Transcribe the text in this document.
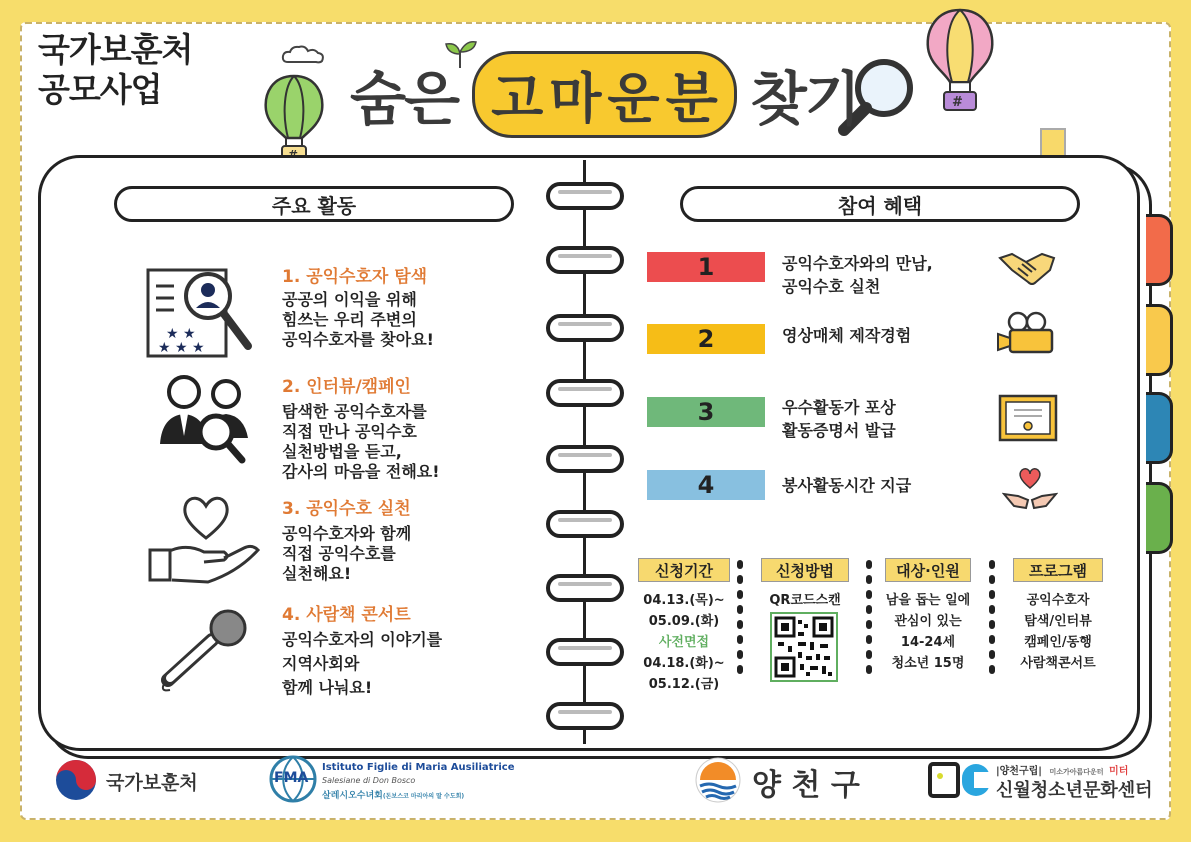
국가보훈처
공모사업	#
숨은 고 마 운 분 찾기
주요 활동
★ ★
★ ★ ★
1. 공익수호자 탐색
공공의 이익을 위해
힘쓰는 우리 주변의
공익수호자를 찾아요!
2. 인터뷰/캠페인
탐색한 공익수호자를
직접 만나 공익수호
실천방법을 듣고,
감사의 마음을 전해요!
3. 공익수호 실천
공익수호자와 함께
직접 공익수호를
실천해요!
4. 사람책 콘서트
공익수호자의 이야기를
지역사회와
함께 나눠요!
참여 혜택
1	공익수호자와의 만남,
공익수호 실천
2	영상매체 제작경험
3	우수활동가 포상
활동증명서 발급
4	봉사활동시간 지급
신청기간
04.13.(목)~
05.09.(화)
사전면접
04.18.(화)~
05.12.(금)
신청방법
QR코드스캔
대상·인원
남을 돕는 일에
관심이 있는
14-24세
청소년 15명
프로그램
공익수호자
탐색/인터뷰
캠페인/동행
사람책콘서트
국가보훈처	FMA
Istituto Figlie di Maria Ausiliatrice
Salesiane di Don Bosco
살레시오수녀회(돈보스코 마리아의 딸 수도회)	양 천 구	|양천구립| 미소가아름다운터 미터
신월청소년문화센터
